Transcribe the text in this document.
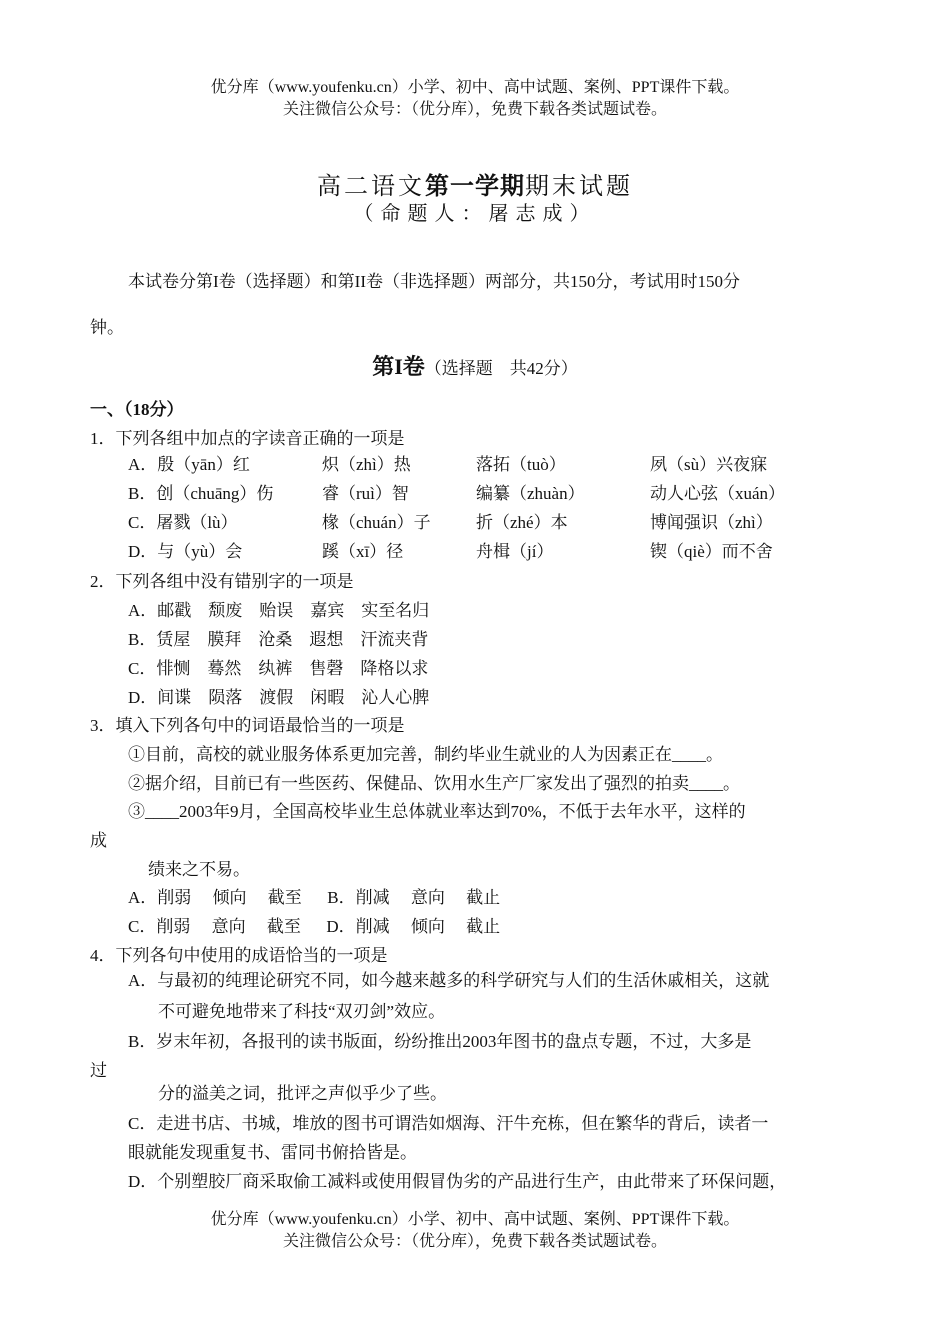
优分库（www.youfenku.cn）小学、初中、高中试题、案例、PPT课件下载。
关注微信公众号：（优分库），免费下载各类试题试卷。
高二语文第一学期期末试题
（命题人：屠志成）
本试卷分第I卷（选择题）和第II卷（非选择题）两部分，共150分，考试用时150分
钟。
第I卷（选择题　共42分）
一、（18分）
1．下列各组中加点的字读音正确的一项是
A．殷（yān）红	炽（zhì）热	落拓（tuò）	夙（sù）兴夜寐
B．创（chuāng）伤	睿（ruì）智	编纂（zhuàn）	动人心弦（xuán）
C．屠戮（lù）	椽（chuán）子	折（zhé）本	博闻强识（zhì）
D．与（yù）会	蹊（xī）径	舟楫（jí）	锲（qiè）而不舍
2．下列各组中没有错别字的一项是
A．邮戳　颓废　贻误　嘉宾　实至名归
B．赁屋　膜拜　沧桑　遐想　汗流夹背
C．悱恻　蓦然　纨裤　售磬　降格以求
D．间谍　陨落　渡假　闲暇　沁人心脾
3．填入下列各句中的词语最恰当的一项是
①目前，高校的就业服务体系更加完善，制约毕业生就业的人为因素正在____。
②据介绍，目前已有一些医药、保健品、饮用水生产厂家发出了强烈的拍卖____。
③____2003年9月，全国高校毕业生总体就业率达到70%，不低于去年水平，这样的
成
绩来之不易。
A．削弱　 倾向　 截至　  B．削减　 意向　 截止
C．削弱　 意向　 截至　  D．削减　 倾向　 截止
4．下列各句中使用的成语恰当的一项是
A．与最初的纯理论研究不同，如今越来越多的科学研究与人们的生活休戚相关，这就
不可避免地带来了科技“双刃剑”效应。
B．岁末年初，各报刊的读书版面，纷纷推出2003年图书的盘点专题，不过，大多是
过
分的溢美之词，批评之声似乎少了些。
C．走进书店、书城，堆放的图书可谓浩如烟海、汗牛充栋，但在繁华的背后，读者一
眼就能发现重复书、雷同书俯拾皆是。
D．个别塑胶厂商采取偷工减料或使用假冒伪劣的产品进行生产，由此带来了环保问题，
优分库（www.youfenku.cn）小学、初中、高中试题、案例、PPT课件下载。
关注微信公众号：（优分库），免费下载各类试题试卷。
